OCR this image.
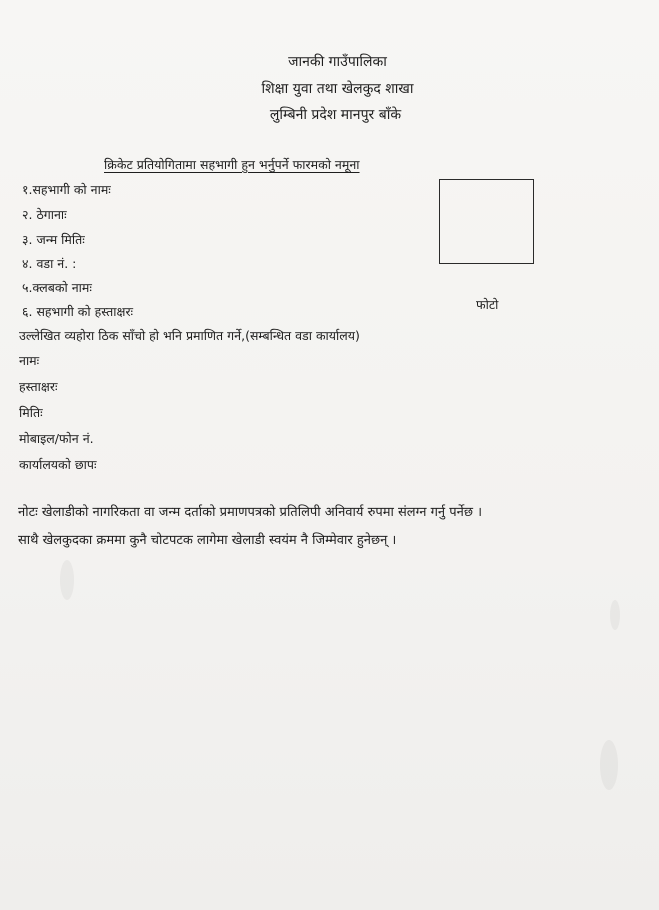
जानकी गाउँपालिका
शिक्षा युवा तथा खेलकुद शाखा
लुम्बिनी प्रदेश मानपुर बाँके
क्रिकेट प्रतियोगितामा सहभागी हुन भर्नुपर्ने फारमको नमूना
१.सहभागी को नामः
२. ठेगानाः
३. जन्म मितिः
४. वडा नं. :
५.क्लबको नामः
६. सहभागी को हस्ताक्षरः	फोटो
उल्लेखित व्यहोरा ठिक साँचो हो भनि प्रमाणित गर्ने,(सम्बन्धित वडा कार्यालय)
नामः
हस्ताक्षरः
मितिः
मोबाइल/फोन नं.
कार्यालयको छापः
नोटः खेलाडीको नागरिकता वा जन्म दर्ताको प्रमाणपत्रको प्रतिलिपी अनिवार्य रुपमा संलग्न गर्नु पर्नेछ ।
साथै खेलकुदका क्रममा कुनै चोटपटक लागेमा खेलाडी स्वयंम नै जिम्मेवार हुनेछन् ।
